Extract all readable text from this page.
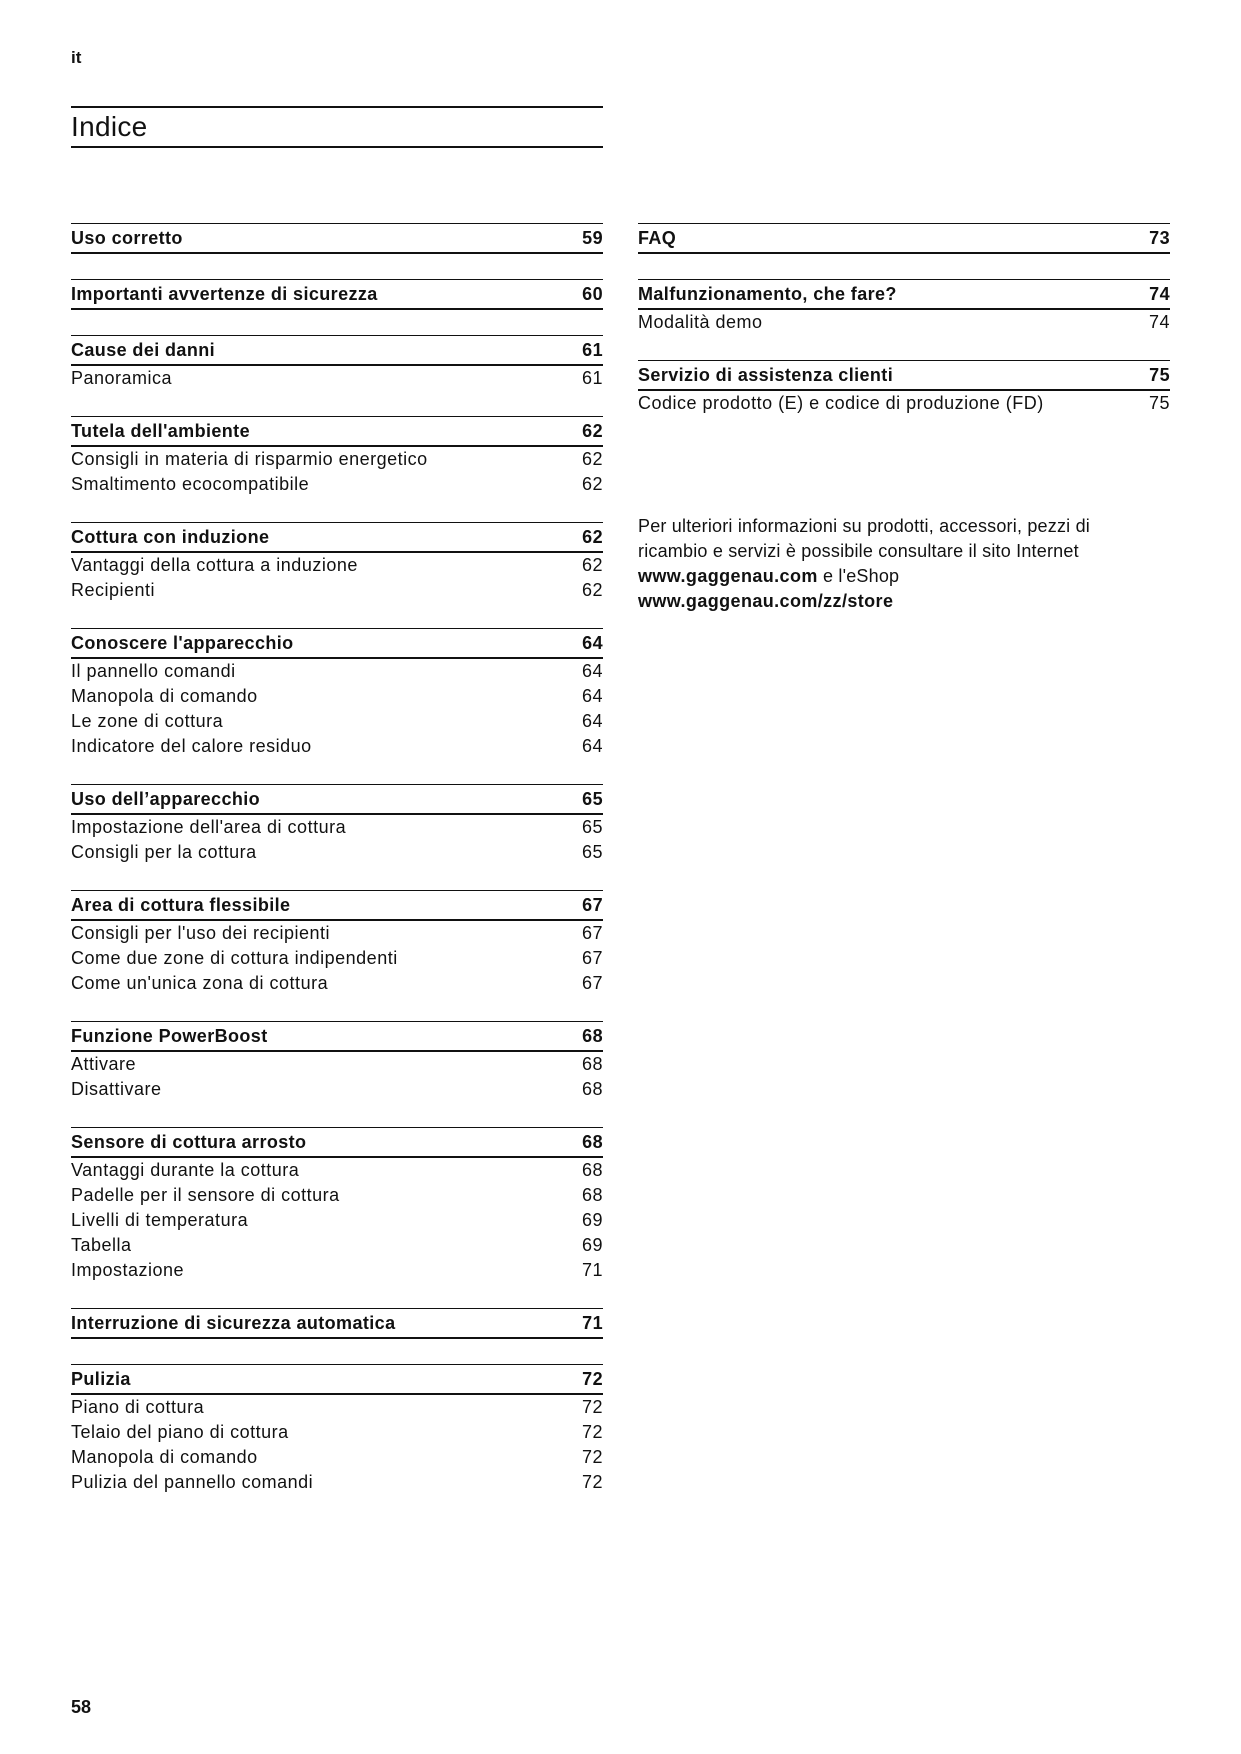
it
Indice
Uso corretto	59
Importanti avvertenze di sicurezza	60
Cause dei danni	61
Panoramica	61
Tutela dell'ambiente	62
Consigli in materia di risparmio energetico	62
Smaltimento ecocompatibile	62
Cottura con induzione	62
Vantaggi della cottura a induzione	62
Recipienti	62
Conoscere l'apparecchio	64
Il pannello comandi	64
Manopola di comando	64
Le zone di cottura	64
Indicatore del calore residuo	64
Uso dell’apparecchio	65
Impostazione dell'area di cottura	65
Consigli per la cottura	65
Area di cottura flessibile	67
Consigli per l'uso dei recipienti	67
Come due zone di cottura indipendenti	67
Come un'unica zona di cottura	67
Funzione PowerBoost	68
Attivare	68
Disattivare	68
Sensore di cottura arrosto	68
Vantaggi durante la cottura	68
Padelle per il sensore di cottura	68
Livelli di temperatura	69
Tabella	69
Impostazione	71
Interruzione di sicurezza automatica	71
Pulizia	72
Piano di cottura	72
Telaio del piano di cottura	72
Manopola di comando	72
Pulizia del pannello comandi	72
FAQ	73
Malfunzionamento, che fare?	74
Modalità demo	74
Servizio di assistenza clienti	75
Codice prodotto (E) e codice di produzione (FD)	75
Per ulteriori informazioni su prodotti, accessori, pezzi di
ricambio e servizi è possibile consultare il sito Internet
www.gaggenau.com e l'eShop
www.gaggenau.com/zz/store
58
